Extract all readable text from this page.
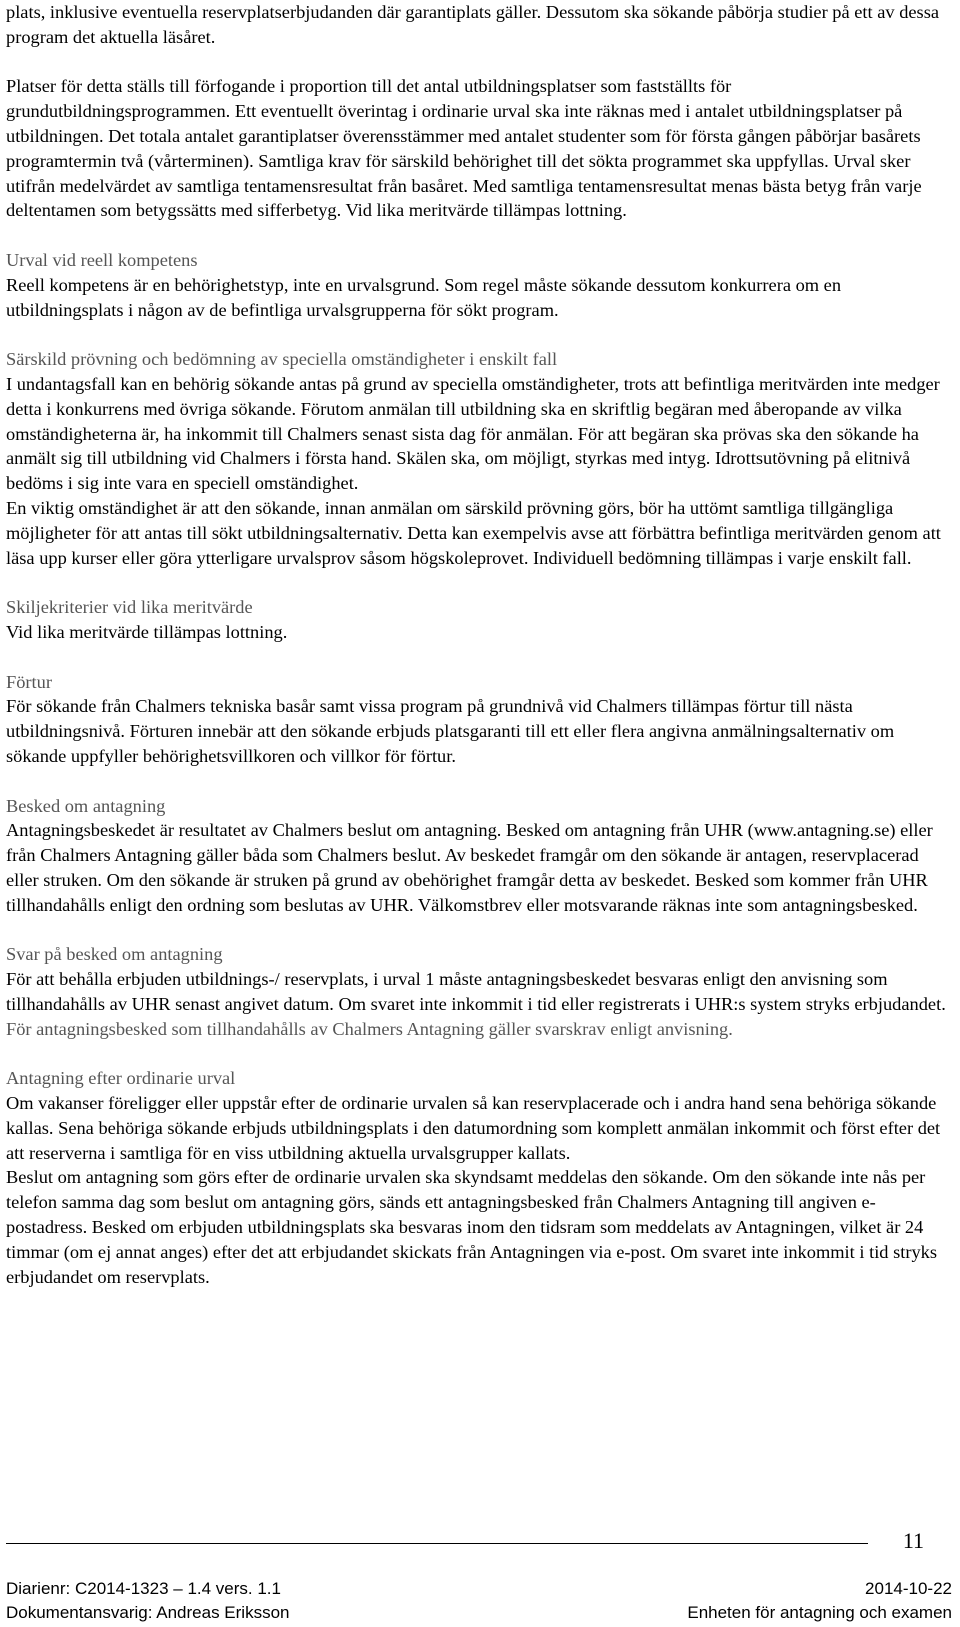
plats, inklusive eventuella reservplatserbjudanden där garantiplats gäller. Dessutom ska sökande påbörja studier på ett av dessa program det aktuella läsåret.

Platser för detta ställs till förfogande i proportion till det antal utbildningsplatser som fastställts för grundutbildningsprogrammen. Ett eventuellt överintag i ordinarie urval ska inte räknas med i antalet utbildningsplatser på utbildningen. Det totala antalet garantiplatser överensstämmer med antalet studenter som för första gången påbörjar basårets programtermin två (vårterminen). Samtliga krav för särskild behörighet till det sökta programmet ska uppfyllas. Urval sker utifrån medelvärdet av samtliga tentamensresultat från basåret. Med samtliga tentamensresultat menas bästa betyg från varje deltentamen som betygssätts med sifferbetyg. Vid lika meritvärde tillämpas lottning.

Urval vid reell kompetens

Reell kompetens är en behörighetstyp, inte en urvalsgrund. Som regel måste sökande dessutom konkurrera om en utbildningsplats i någon av de befintliga urvalsgrupperna för sökt program.

Särskild prövning och bedömning av speciella omständigheter i enskilt fall

I undantagsfall kan en behörig sökande antas på grund av speciella omständigheter, trots att befintliga meritvärden inte medger detta i konkurrens med övriga sökande. Förutom anmälan till utbildning ska en skriftlig begäran med åberopande av vilka omständigheterna är, ha inkommit till Chalmers senast sista dag för anmälan. För att begäran ska prövas ska den sökande ha anmält sig till utbildning vid Chalmers i första hand. Skälen ska, om möjligt, styrkas med intyg. Idrottsutövning på elitnivå bedöms i sig inte vara en speciell omständighet.

En viktig omständighet är att den sökande, innan anmälan om särskild prövning görs, bör ha uttömt samtliga tillgängliga möjligheter för att antas till sökt utbildningsalternativ. Detta kan exempelvis avse att förbättra befintliga meritvärden genom att läsa upp kurser eller göra ytterligare urvalsprov såsom högskoleprovet. Individuell bedömning tillämpas i varje enskilt fall.

Skiljekriterier vid lika meritvärde

Vid lika meritvärde tillämpas lottning.

Förtur

För sökande från Chalmers tekniska basår samt vissa program på grundnivå vid Chalmers tillämpas förtur till nästa utbildningsnivå. Förturen innebär att den sökande erbjuds platsgaranti till ett eller flera angivna anmälningsalternativ om sökande uppfyller behörighetsvillkoren och villkor för förtur.

Besked om antagning

Antagningsbeskedet är resultatet av Chalmers beslut om antagning. Besked om antagning från UHR (www.antagning.se) eller från Chalmers Antagning gäller båda som Chalmers beslut. Av beskedet framgår om den sökande är antagen, reservplacerad eller struken. Om den sökande är struken på grund av obehörighet framgår detta av beskedet. Besked som kommer från UHR tillhandahålls enligt den ordning som beslutas av UHR. Välkomstbrev eller motsvarande räknas inte som antagningsbesked.

Svar på besked om antagning

För att behålla erbjuden utbildnings-/ reservplats, i urval 1 måste antagningsbeskedet besvaras enligt den anvisning som tillhandahålls av UHR senast angivet datum. Om svaret inte inkommit i tid eller registrerats i UHR:s system stryks erbjudandet.

För antagningsbesked som tillhandahålls av Chalmers Antagning gäller svarskrav enligt anvisning.

Antagning efter ordinarie urval

Om vakanser föreligger eller uppstår efter de ordinarie urvalen så kan reservplacerade och i andra hand sena behöriga sökande kallas. Sena behöriga sökande erbjuds utbildningsplats i den datumordning som komplett anmälan inkommit och först efter det att reserverna i samtliga för en viss utbildning aktuella urvalsgrupper kallats.

Beslut om antagning som görs efter de ordinarie urvalen ska skyndsamt meddelas den sökande. Om den sökande inte nås per telefon samma dag som beslut om antagning görs, sänds ett antagningsbesked från Chalmers Antagning till angiven e-postadress. Besked om erbjuden utbildningsplats ska besvaras inom den tidsram som meddelats av Antagningen, vilket är 24 timmar (om ej annat anges) efter det att erbjudandet skickats från Antagningen via e-post. Om svaret inte inkommit i tid stryks erbjudandet om reservplats.

11
Diarienr: C2014-1323 – 1.4 vers. 1.1
Dokumentansvarig: Andreas Eriksson
2014-10-22
Enheten för antagning och examen
